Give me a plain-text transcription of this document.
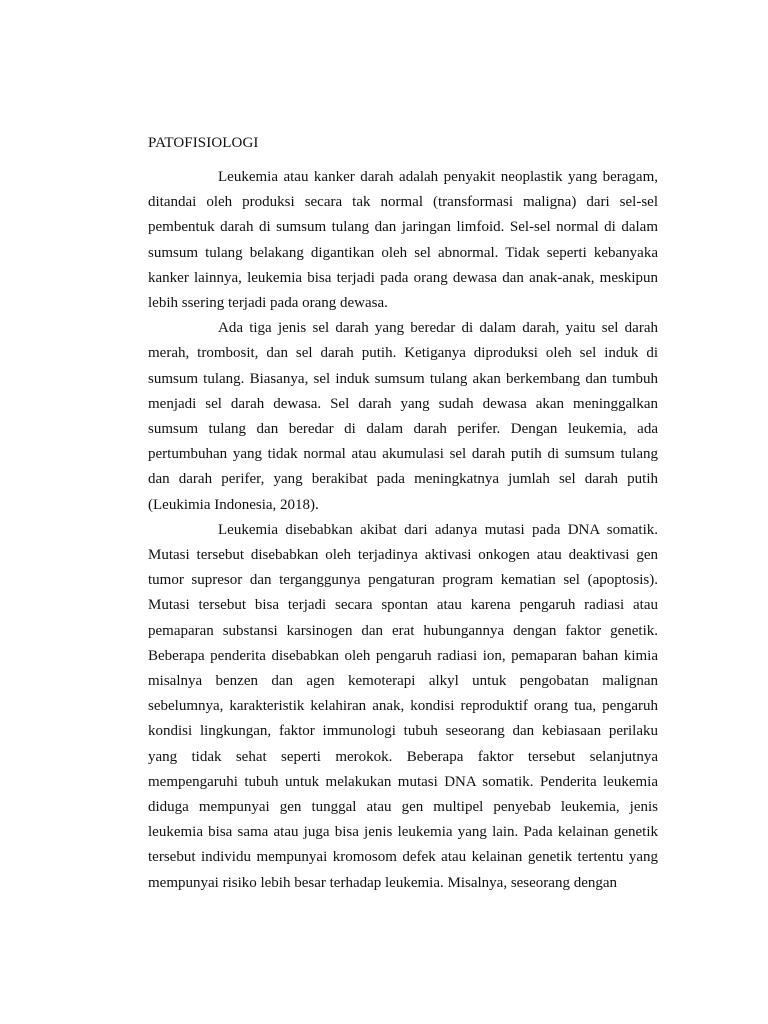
PATOFISIOLOGI

Leukemia atau kanker darah adalah penyakit neoplastik yang beragam, ditandai oleh produksi secara tak normal (transformasi maligna) dari sel-sel pembentuk darah di sumsum tulang dan jaringan limfoid. Sel-sel normal di dalam sumsum tulang belakang digantikan oleh sel abnormal. Tidak seperti kebanyaka kanker lainnya, leukemia bisa terjadi pada orang dewasa dan anak-anak, meskipun lebih ssering terjadi pada orang dewasa.

Ada tiga jenis sel darah yang beredar di dalam darah, yaitu sel darah merah, trombosit, dan sel darah putih. Ketiganya diproduksi oleh sel induk di sumsum tulang. Biasanya, sel induk sumsum tulang akan berkembang dan tumbuh menjadi sel darah dewasa. Sel darah yang sudah dewasa akan meninggalkan sumsum tulang dan beredar di dalam darah perifer. Dengan leukemia, ada pertumbuhan yang tidak normal atau akumulasi sel darah putih di sumsum tulang dan darah perifer, yang berakibat pada meningkatnya jumlah sel darah putih (Leukimia Indonesia, 2018).

Leukemia disebabkan akibat dari adanya mutasi pada DNA somatik. Mutasi tersebut disebabkan oleh terjadinya aktivasi onkogen atau deaktivasi gen tumor supresor dan terganggunya pengaturan program kematian sel (apoptosis). Mutasi tersebut bisa terjadi secara spontan atau karena pengaruh radiasi atau pemaparan substansi karsinogen dan erat hubungannya dengan faktor genetik. Beberapa penderita disebabkan oleh pengaruh radiasi ion, pemaparan bahan kimia misalnya benzen dan agen kemoterapi alkyl untuk pengobatan malignan sebelumnya, karakteristik kelahiran anak, kondisi reproduktif orang tua, pengaruh kondisi lingkungan, faktor immunologi tubuh seseorang dan kebiasaan perilaku yang tidak sehat seperti merokok. Beberapa faktor tersebut selanjutnya mempengaruhi tubuh untuk melakukan mutasi DNA somatik. Penderita leukemia diduga mempunyai gen tunggal atau gen multipel penyebab leukemia, jenis leukemia bisa sama atau juga bisa jenis leukemia yang lain. Pada kelainan genetik tersebut individu mempunyai kromosom defek atau kelainan genetik tertentu yang mempunyai risiko lebih besar terhadap leukemia. Misalnya, seseorang dengan
